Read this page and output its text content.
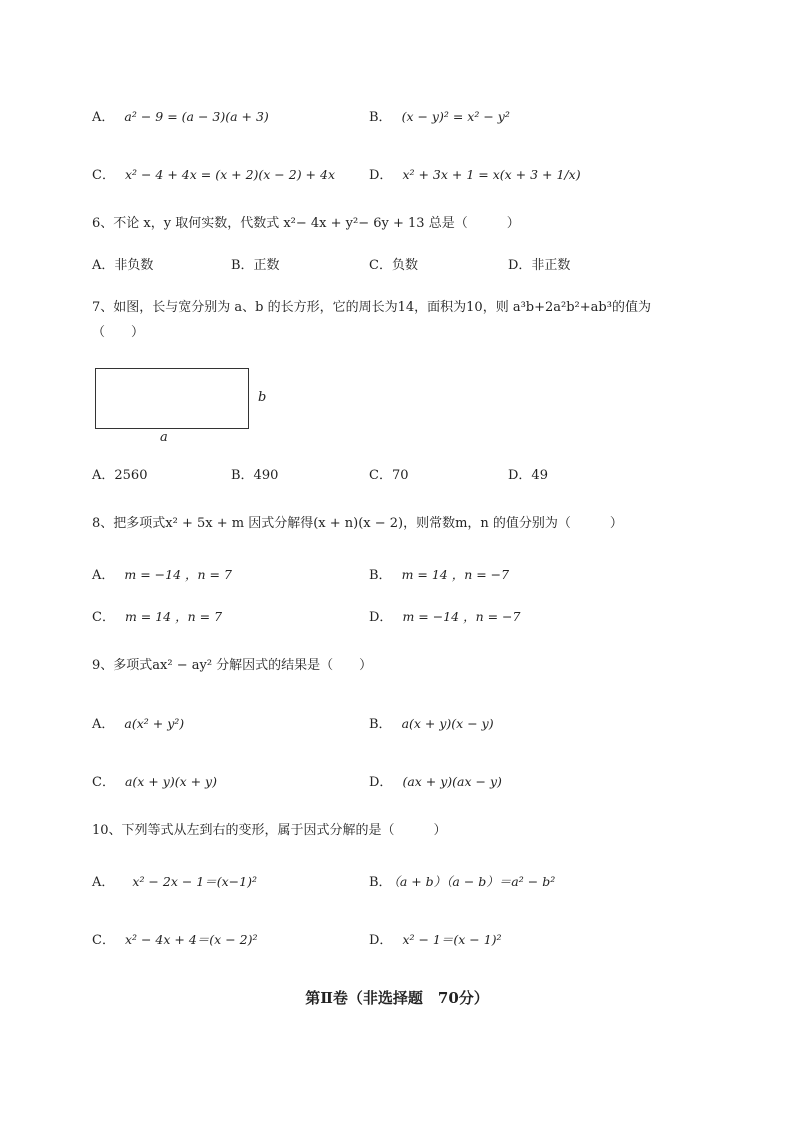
A． a² − 9 = (a − 3)(a + 3)	B． (x − y)² = x² − y²
C． x² − 4 + 4x = (x + 2)(x − 2) + 4x	D． x² + 3x + 1 = x(x + 3 + 1/x)
6、不论 x，y 取何实数，代数式 x²− 4x + y²− 6y + 13 总是（　　　）
A．非负数	B．正数	C．负数	D．非正数
7、如图，长与宽分别为 a、b 的长方形，它的周长为14，面积为10，则 a³b+2a²b²+ab³的值为
（　　）
b
a
A．2560	B．490	C．70	D．49
8、把多项式x² + 5x + m 因式分解得(x + n)(x − 2)，则常数m，n 的值分别为（　　　）
A． m = −14 ，n = 7	B． m = 14 ，n = −7
C． m = 14 ，n = 7	D． m = −14 ，n = −7
9、多项式ax² − ay² 分解因式的结果是（　　）
A． a(x² + y²)	B． a(x + y)(x − y)
C． a(x + y)(x + y)	D． (ax + y)(ax − y)
10、下列等式从左到右的变形，属于因式分解的是（　　　）
A． x² − 2x − 1＝(x−1)²	B． （a + b）（a − b）＝a² − b²
C． x² − 4x + 4＝(x − 2)²	D． x² − 1＝(x − 1)²
第Ⅱ卷（非选择题　70分）
